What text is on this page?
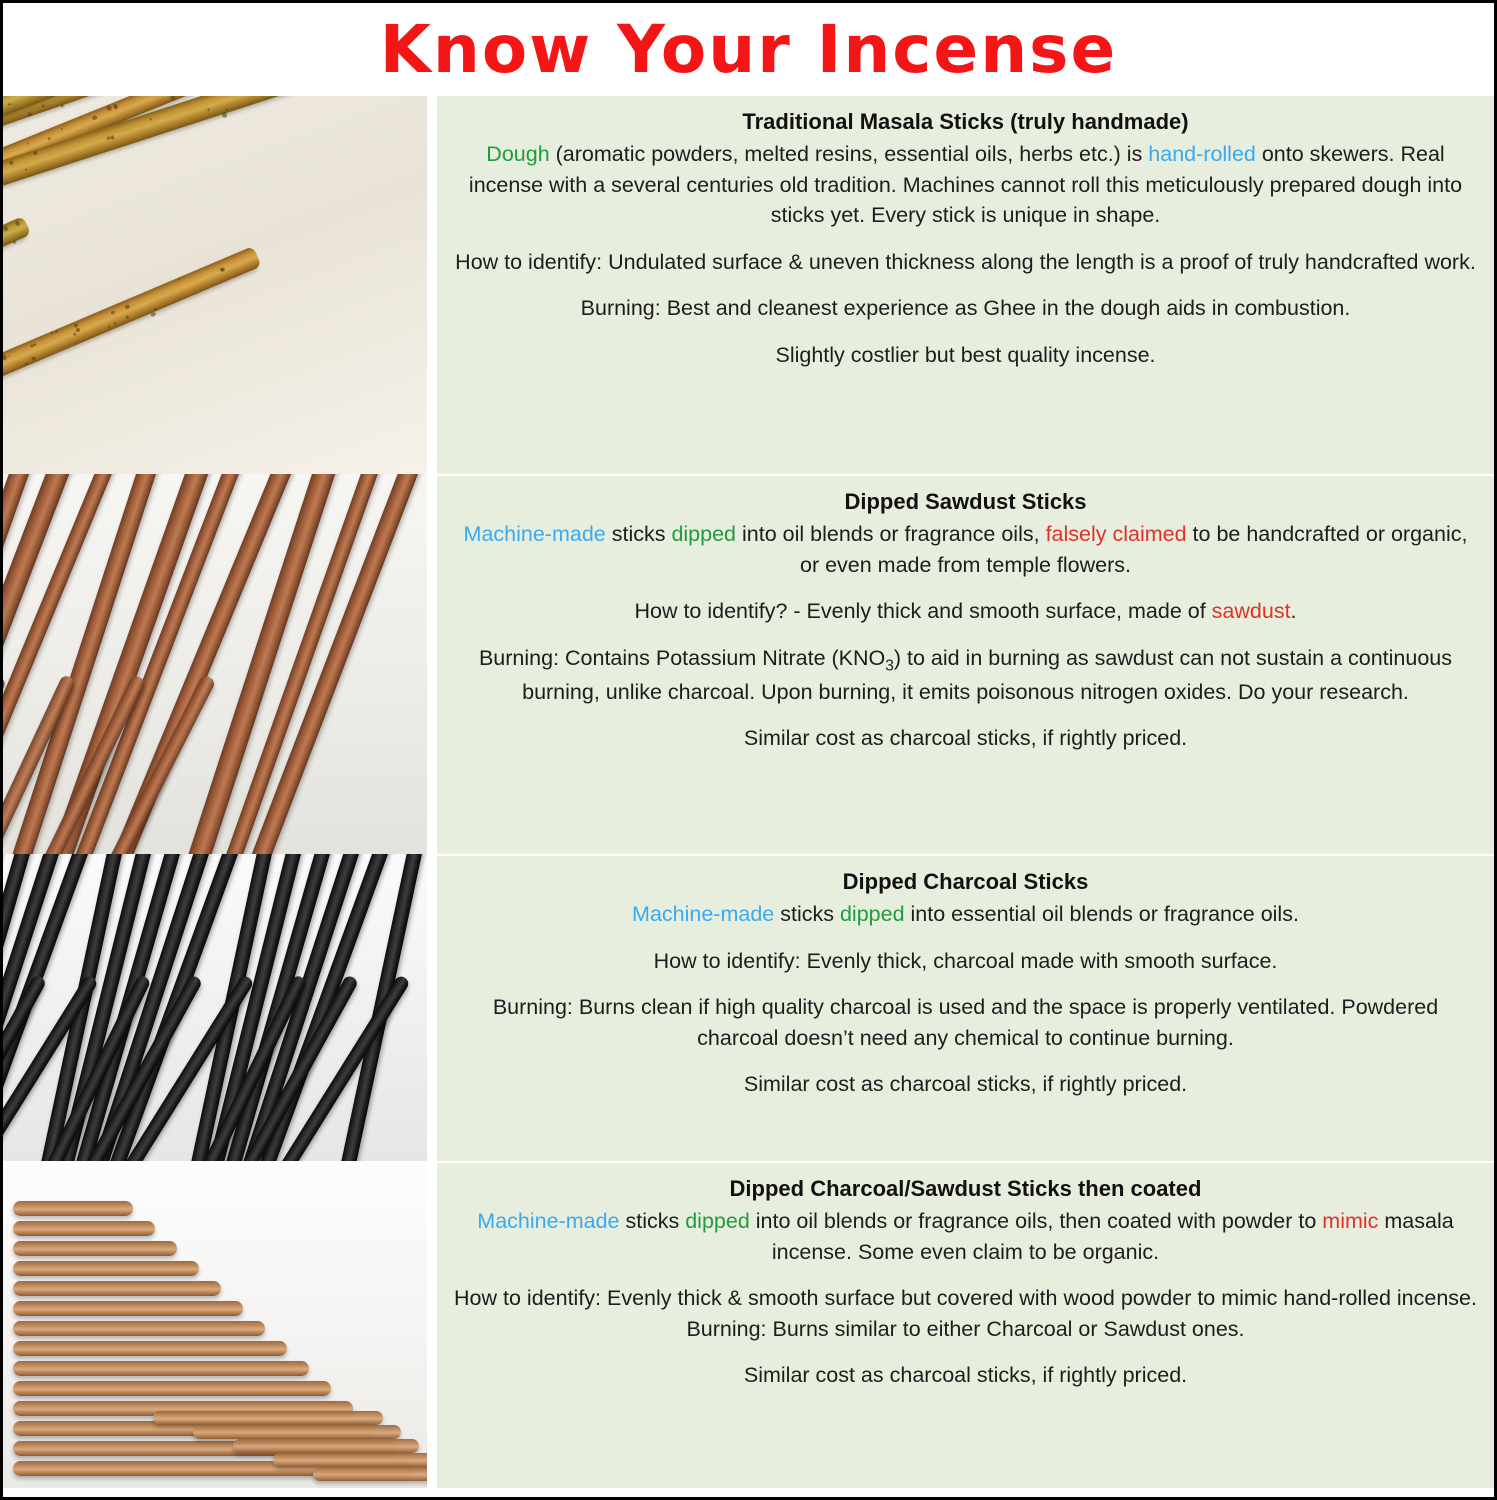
Know Your Incense
Traditional Masala Sticks (truly handmade)

Dough (aromatic powders, melted resins, essential oils, herbs etc.) is hand-rolled onto skewers. Real incense with a several centuries old tradition. Machines cannot roll this meticulously prepared dough into sticks yet. Every stick is unique in shape.

How to identify: Undulated surface & uneven thickness along the length is a proof of truly handcrafted work.

Burning: Best and cleanest experience as Ghee in the dough aids in combustion.

Slightly costlier but best quality incense.

Dipped Sawdust Sticks

Machine-made sticks dipped into oil blends or fragrance oils, falsely claimed to be handcrafted or organic, or even made from temple flowers.

How to identify? - Evenly thick and smooth surface, made of sawdust.

Burning: Contains Potassium Nitrate $(KNO_3)$ to aid in burning as sawdust can not sustain a continuous burning, unlike charcoal. Upon burning, it emits poisonous nitrogen oxides. Do your research.

Similar cost as charcoal sticks, if rightly priced.

Dipped Charcoal Sticks

Machine-made sticks dipped into essential oil blends or fragrance oils.

How to identify: Evenly thick, charcoal made with smooth surface.

Burning: Burns clean if high quality charcoal is used and the space is properly ventilated. Powdered charcoal doesn’t need any chemical to continue burning.

Similar cost as charcoal sticks, if rightly priced.

Dipped Charcoal/Sawdust Sticks then coated

Machine-made sticks dipped into oil blends or fragrance oils, then coated with powder to mimic masala incense. Some even claim to be organic.

How to identify: Evenly thick & smooth surface but covered with wood powder to mimic hand-rolled incense.
Burning: Burns similar to either Charcoal or Sawdust ones.

Similar cost as charcoal sticks, if rightly priced.
